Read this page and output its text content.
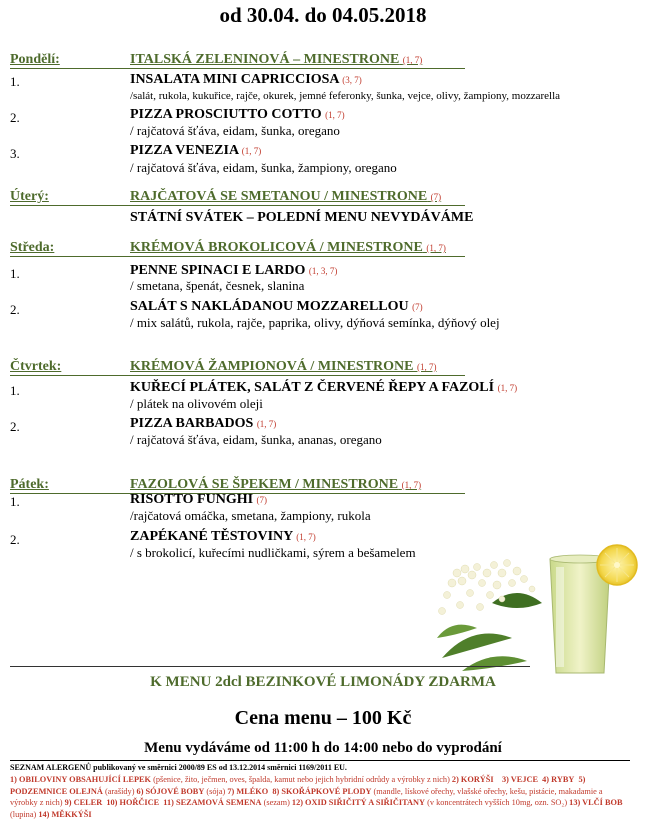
od 30.04. do 04.05.2018
Pondělí:	ITALSKÁ ZELENINOVÁ – MINESTRONE (1, 7)
1.	INSALATA MINI CAPRICCIOSA (3, 7)
/salát, rukola, kukuřice, rajče, okurek, jemné feferonky, šunka, vejce, olivy, žampiony, mozzarella
2.	PIZZA PROSCIUTTO COTTO (1, 7)
/ rajčatová šťáva, eidam, šunka, oregano
3.	PIZZA VENEZIA (1, 7)
/ rajčatová šťáva, eidam, šunka, žampiony, oregano
Úterý:	RAJČATOVÁ SE SMETANOU / MINESTRONE (7)
STÁTNÍ SVÁTEK – POLEDNÍ MENU NEVYDÁVÁME
Středa:	KRÉMOVÁ BROKOLICOVÁ / MINESTRONE (1, 7)
1.	PENNE SPINACI E LARDO (1, 3, 7)
/ smetana, špenát, česnek, slanina
2.	SALÁT S NAKLÁDANOU MOZZARELLOU (7)
/ mix salátů, rukola, rajče, paprika, olivy, dýňová semínka, dýňový olej
Čtvrtek:	KRÉMOVÁ ŽAMPIONOVÁ / MINESTRONE (1, 7)
1.	KUŘECÍ PLÁTEK, SALÁT Z ČERVENÉ ŘEPY A FAZOLÍ (1, 7)
/ plátek na olivovém oleji
2.	PIZZA BARBADOS (1, 7)
/ rajčatová šťáva, eidam, šunka, ananas, oregano
Pátek:	FAZOLOVÁ SE ŠPEKEM / MINESTRONE (1, 7)
1.	RISOTTO FUNGHI (7)
/rajčatová omáčka, smetana, žampiony, rukola
2.	ZAPÉKANÉ TĚSTOVINY (1, 7)
/ s brokolicí, kuřecími nudličkami, sýrem a bešamelem
K MENU 2dcl BEZINKOVÉ LIMONÁDY ZDARMA
Cena menu – 100 Kč
Menu vydáváme od 11:00 h do 14:00 nebo do vyprodání
SEZNAM ALERGENŮ publikovaný ve směrnici 2000/89 ES od 13.12.2014 směrnici 1169/2011 EU.
1) OBILOVINY OBSAHUJÍCÍ LEPEK (pšenice, žito, ječmen, oves, špalda, kamut nebo jejich hybridní odrůdy a výrobky z nich) 2) KORÝŠI 3) VEJCE 4) RYBY 5) PODZEMNICE OLEJNÁ (arašídy) 6) SÓJOVÉ BOBY (sója) 7) MLÉKO 8) SKOŘÁPKOVÉ PLODY (mandle, lískové ořechy, vlašské ořechy, kešu, pistácie, makadamie a výrobky z nich) 9) CELER 10) HOŘČICE 11) SEZAMOVÁ SEMENA (sezam) 12) OXID SIŘIČITÝ A SIŘIČITANY (v koncentrátech vyšších 10mg, ozn. SO₂) 13) VLČÍ BOB (lupina) 14) MĚKKÝŠI
